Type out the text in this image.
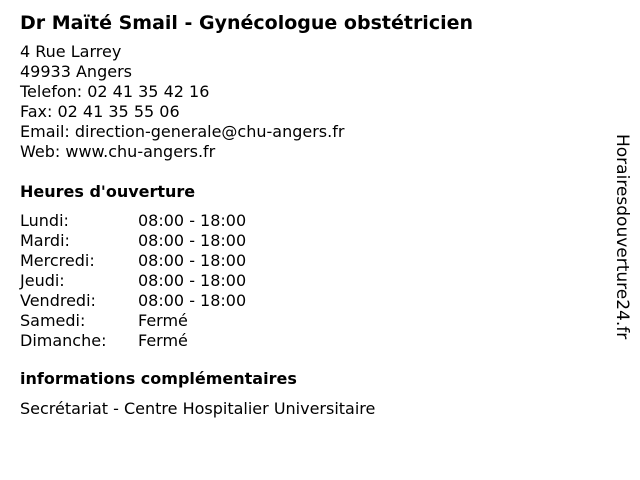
Dr Maïté Smail - Gynécologue obstétricien
4 Rue Larrey
49933 Angers
Telefon: 02 41 35 42 16
Fax: 02 41 35 55 06
Email: direction-generale@chu-angers.fr
Web: www.chu-angers.fr
Heures d'ouverture
Lundi:	08:00 - 18:00
Mardi:	08:00 - 18:00
Mercredi:	08:00 - 18:00
Jeudi:	08:00 - 18:00
Vendredi:	08:00 - 18:00
Samedi:	Fermé
Dimanche:	Fermé
informations complémentaires
Secrétariat - Centre Hospitalier Universitaire
Horairesdouverture24.fr
